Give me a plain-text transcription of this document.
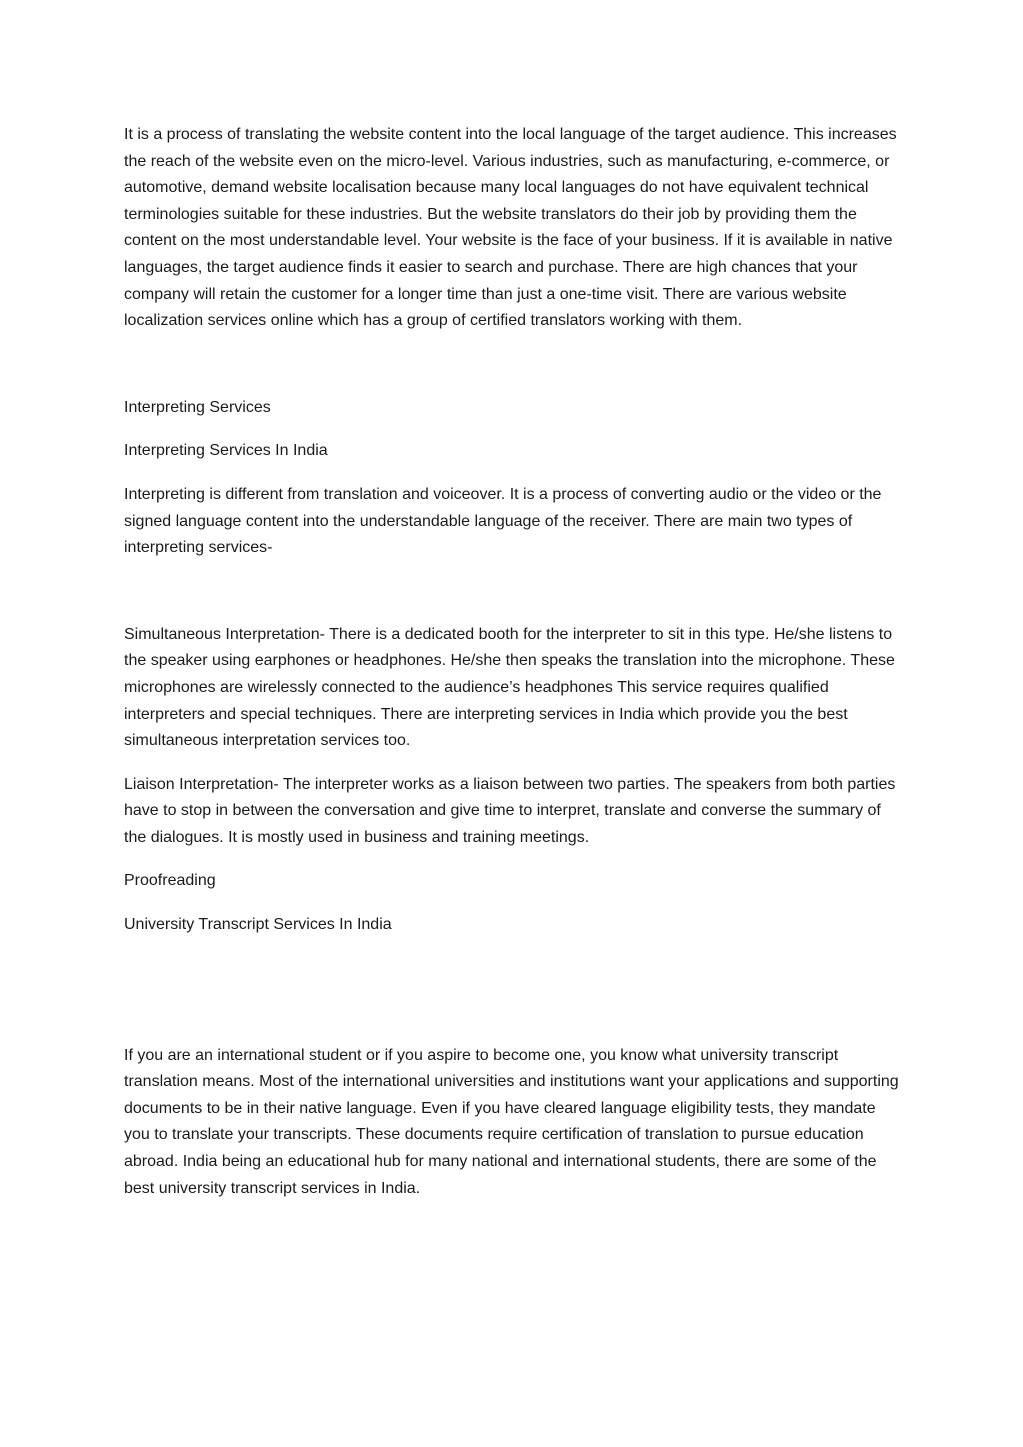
It is a process of translating the website content into the local language of the target audience. This increases the reach of the website even on the micro-level. Various industries, such as manufacturing, e-commerce, or automotive, demand website localisation because many local languages do not have equivalent technical terminologies suitable for these industries. But the website translators do their job by providing them the content on the most understandable level. Your website is the face of your business. If it is available in native languages, the target audience finds it easier to search and purchase. There are high chances that your company will retain the customer for a longer time than just a one-time visit. There are various website localization services online which has a group of certified translators working with them.

Interpreting Services

Interpreting Services In India

Interpreting is different from translation and voiceover. It is a process of converting audio or the video or the signed language content into the understandable language of the receiver. There are main two types of interpreting services-

Simultaneous Interpretation- There is a dedicated booth for the interpreter to sit in this type. He/she listens to the speaker using earphones or headphones. He/she then speaks the translation into the microphone. These microphones are wirelessly connected to the audience’s headphones This service requires qualified interpreters and special techniques. There are interpreting services in India which provide you the best simultaneous interpretation services too.

Liaison Interpretation- The interpreter works as a liaison between two parties. The speakers from both parties have to stop in between the conversation and give time to interpret, translate and converse the summary of the dialogues. It is mostly used in business and training meetings.

Proofreading

University Transcript Services In India

If you are an international student or if you aspire to become one, you know what university transcript translation means. Most of the international universities and institutions want your applications and supporting documents to be in their native language. Even if you have cleared language eligibility tests, they mandate you to translate your transcripts. These documents require certification of translation to pursue education abroad. India being an educational hub for many national and international students, there are some of the best university transcript services in India.
